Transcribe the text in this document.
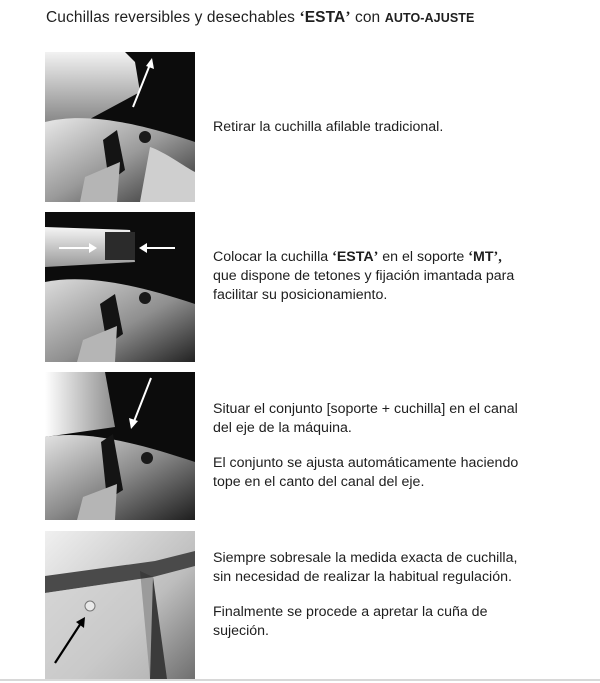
Cuchillas reversibles y desechables ‘ESTA’ con AUTO-AJUSTE

Retirar la cuchilla afilable tradicional.

Colocar la cuchilla ‘ESTA’ en el soporte ‘MT’,

que dispone de tetones y fijación imantada para

facilitar su posicionamiento.

Situar el conjunto [soporte + cuchilla] en el canal

del eje de la máquina.

El conjunto se ajusta automáticamente haciendo

tope en el canto del canal del eje.

Siempre sobresale la medida exacta de cuchilla,

sin necesidad de realizar la habitual regulación.

Finalmente se procede a apretar la cuña de

sujeción.
